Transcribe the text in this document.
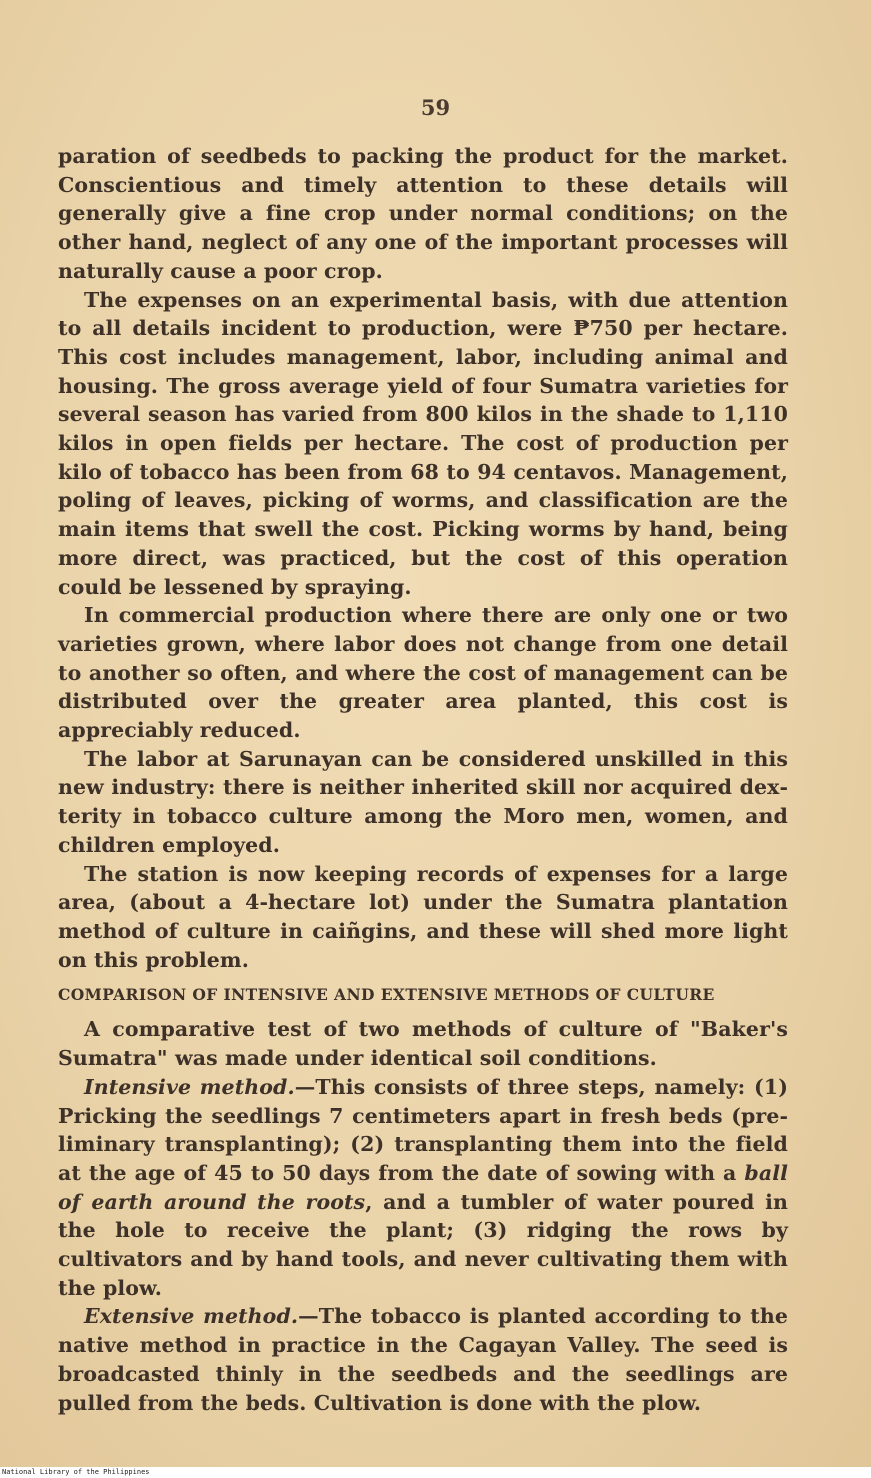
59

paration of seedbeds to packing the product for the market. Conscientious and timely attention to these details will generally give a fine crop under normal conditions; on the other hand, neglect of any one of the important processes will naturally cause a poor crop.

The expenses on an experimental basis, with due attention to all details incident to production, were ₱750 per hectare. This cost includes management, labor, including animal and housing. The gross average yield of four Sumatra varieties for several season has varied from 800 kilos in the shade to 1,110 kilos in open fields per hectare. The cost of production per kilo of tobacco has been from 68 to 94 centavos. Management, poling of leaves, picking of worms, and classification are the main items that swell the cost. Picking worms by hand, being more direct, was practiced, but the cost of this operation could be lessened by spraying.

In commercial production where there are only one or two varieties grown, where labor does not change from one detail to another so often, and where the cost of management can be distributed over the greater area planted, this cost is appreciably reduced.

The labor at Sarunayan can be considered unskilled in this new industry: there is neither inherited skill nor acquired dexterity in tobacco culture among the Moro men, women, and children employed.

The station is now keeping records of expenses for a large area, (about a 4-hectare lot) under the Sumatra plantation method of culture in caiñgins, and these will shed more light on this problem.

COMPARISON OF INTENSIVE AND EXTENSIVE METHODS OF CULTURE

A comparative test of two methods of culture of "Baker's Sumatra" was made under identical soil conditions.

Intensive method.—This consists of three steps, namely: (1) Pricking the seedlings 7 centimeters apart in fresh beds (preliminary transplanting); (2) transplanting them into the field at the age of 45 to 50 days from the date of sowing with a ball of earth around the roots, and a tumbler of water poured in the hole to receive the plant; (3) ridging the rows by cultivators and by hand tools, and never cultivating them with the plow.

Extensive method.—The tobacco is planted according to the native method in practice in the Cagayan Valley. The seed is broadcasted thinly in the seedbeds and the seedlings are pulled from the beds. Cultivation is done with the plow.

National Library of the Philippines
